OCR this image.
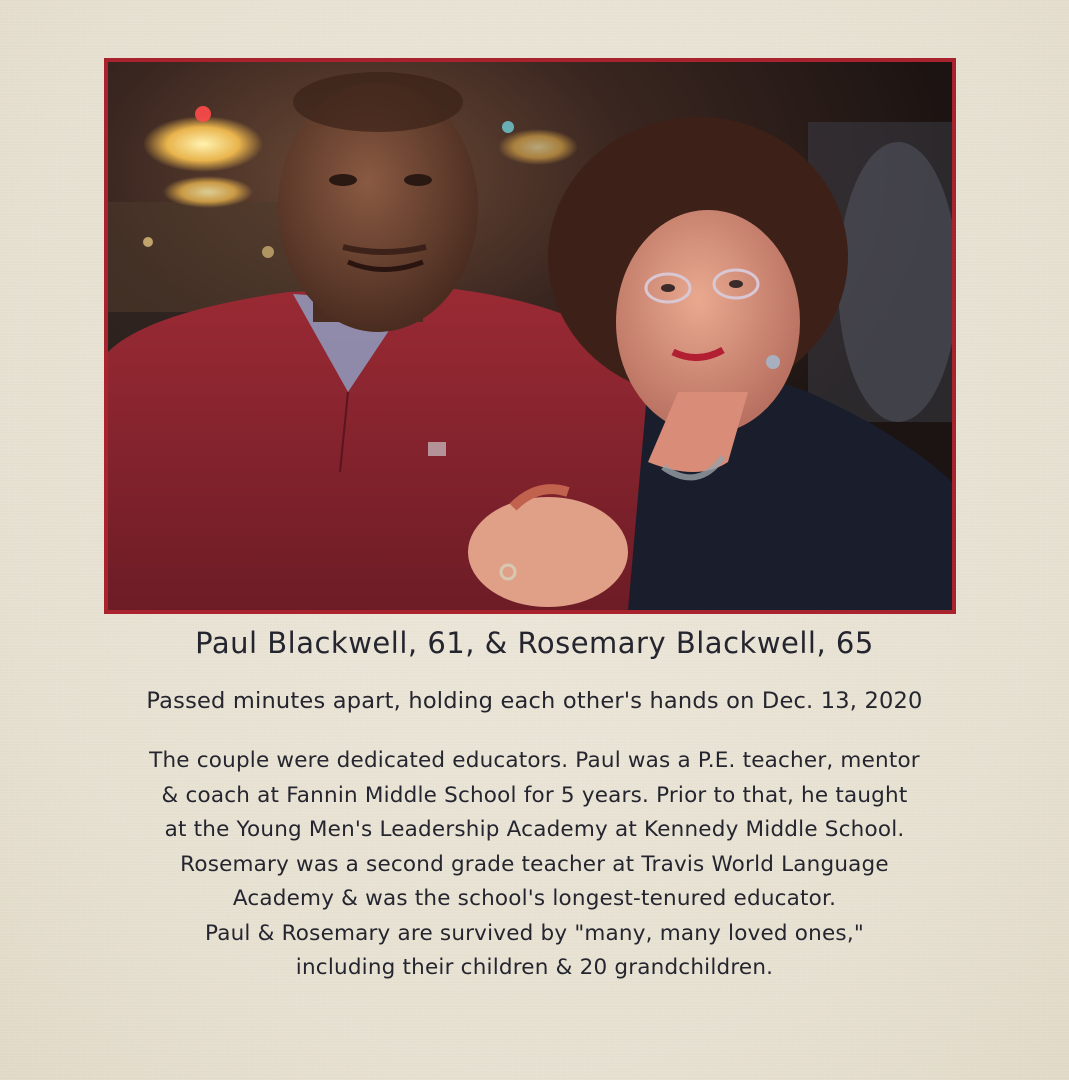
Paul Blackwell, 61, & Rosemary Blackwell, 65

Passed minutes apart, holding each other's hands on Dec. 13, 2020

The couple were dedicated educators. Paul was a P.E. teacher, mentor
& coach at Fannin Middle School for 5 years. Prior to that, he taught
at the Young Men's Leadership Academy at Kennedy Middle School.
Rosemary was a second grade teacher at Travis World Language
Academy & was the school's longest-tenured educator.
Paul & Rosemary are survived by "many, many loved ones,"
including their children & 20 grandchildren.
